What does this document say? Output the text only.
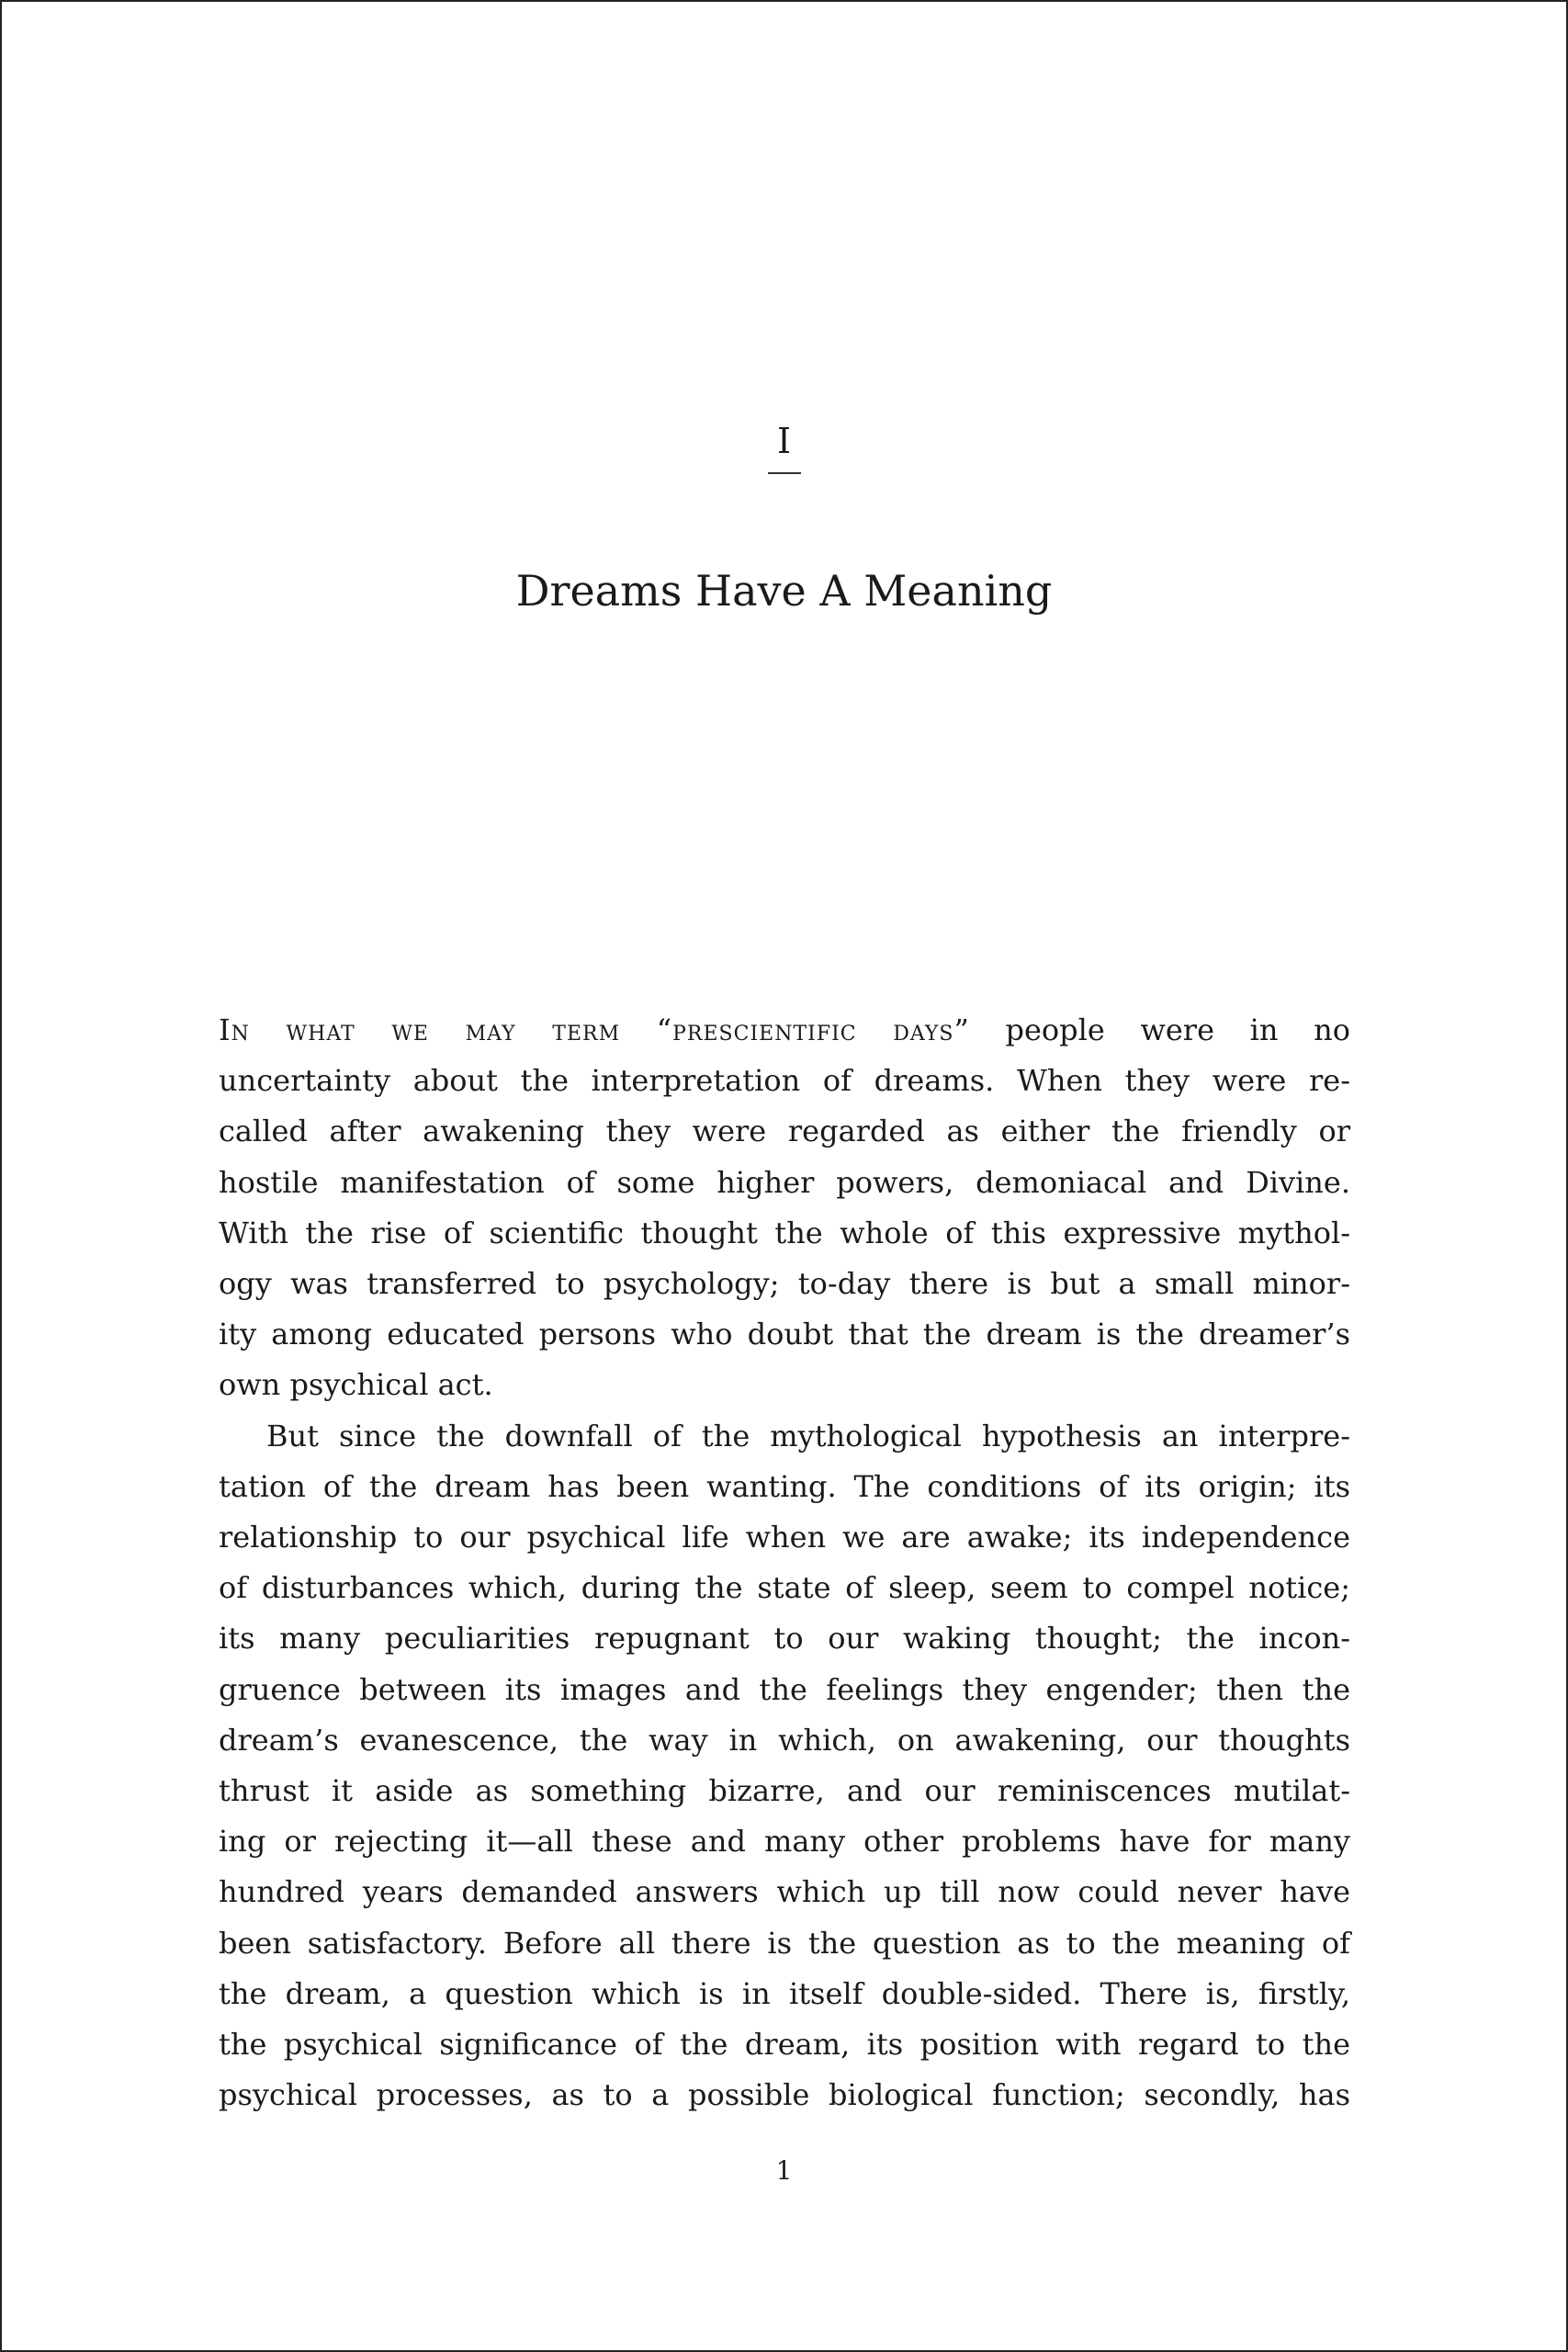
I
Dreams Have A Meaning
In what we may term “prescientific days” people were in no
uncertainty about the interpretation of dreams. When they were re-
called after awakening they were regarded as either the friendly or
hostile manifestation of some higher powers, demoniacal and Divine.
With the rise of scientific thought the whole of this expressive mythol-
ogy was transferred to psychology; to-day there is but a small minor-
ity among educated persons who doubt that the dream is the dreamer’s
own psychical act.
But since the downfall of the mythological hypothesis an interpre-
tation of the dream has been wanting. The conditions of its origin; its
relationship to our psychical life when we are awake; its independence
of disturbances which, during the state of sleep, seem to compel notice;
its many peculiarities repugnant to our waking thought; the incon-
gruence between its images and the feelings they engender; then the
dream’s evanescence, the way in which, on awakening, our thoughts
thrust it aside as something bizarre, and our reminiscences mutilat-
ing or rejecting it—all these and many other problems have for many
hundred years demanded answers which up till now could never have
been satisfactory. Before all there is the question as to the meaning of
the dream, a question which is in itself double-sided. There is, firstly,
the psychical significance of the dream, its position with regard to the
psychical processes, as to a possible biological function; secondly, has
1
